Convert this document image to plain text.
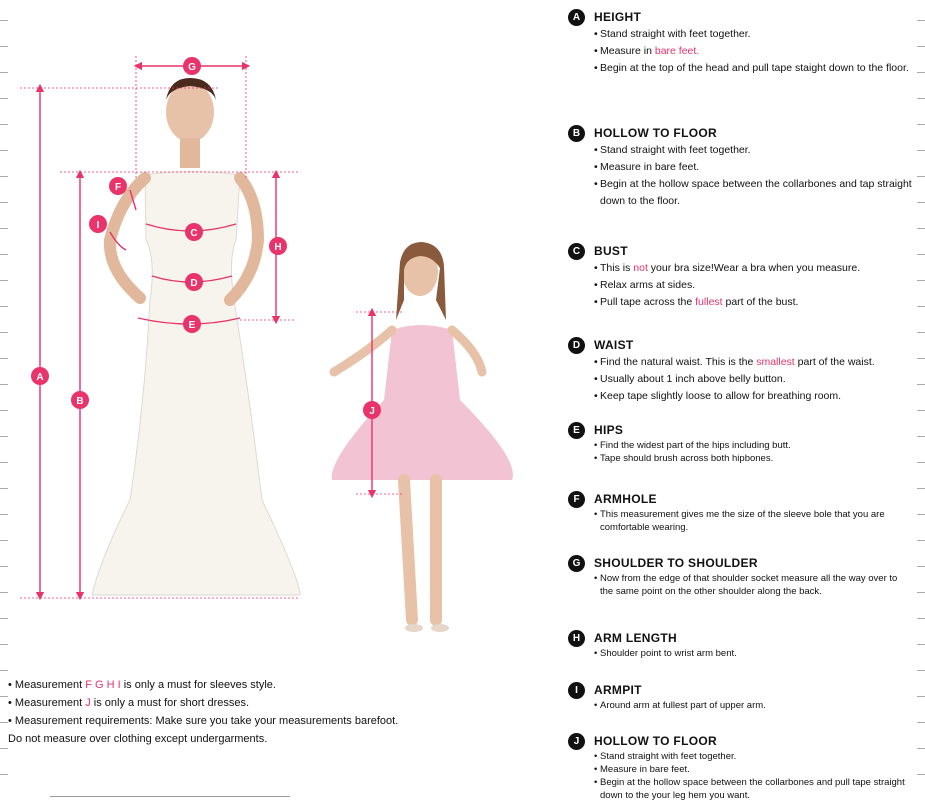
A
B
G
F
I
C
D
E
H
J
• Measurement F G H I is only a must for sleeves style.
• Measurement J is only a must for short dresses.
• Measurement requirements: Make sure you take your measurements barefoot.
Do not measure over clothing except undergarments.
A	HEIGHT
• Stand straight with feet together.
• Measure in bare feet.
• Begin at the top of the head and pull tape staight down to the floor.
B	HOLLOW TO FLOOR
• Stand straight with feet together.
• Measure in bare feet.
• Begin at the hollow space between the collarbones and tap straight down to the floor.
C	BUST
• This is not your bra size!Wear a bra when you measure.
• Relax arms at sides.
• Pull tape across the fullest part of the bust.
D	WAIST
• Find the natural waist. This is the smallest part of the waist.
• Usually about 1 inch above belly button.
• Keep tape slightly loose to allow for breathing room.
E	HIPS
• Find the widest part of the hips including butt.
• Tape should brush across both hipbones.
F	ARMHOLE
• This measurement gives me the size of the sleeve bole that you are comfortable wearing.
G	SHOULDER TO SHOULDER
• Now from the edge of that shoulder socket measure all the way over to the same point on the other shoulder along the back.
H	ARM LENGTH
• Shoulder point to wrist arm bent.
I	ARMPIT
• Around arm at fullest part of upper arm.
J	HOLLOW TO FLOOR
• Stand straight with feet together.
• Measure in bare feet.
• Begin at the hollow space between the collarbones and pull tape straight down to the your leg hem you want.
